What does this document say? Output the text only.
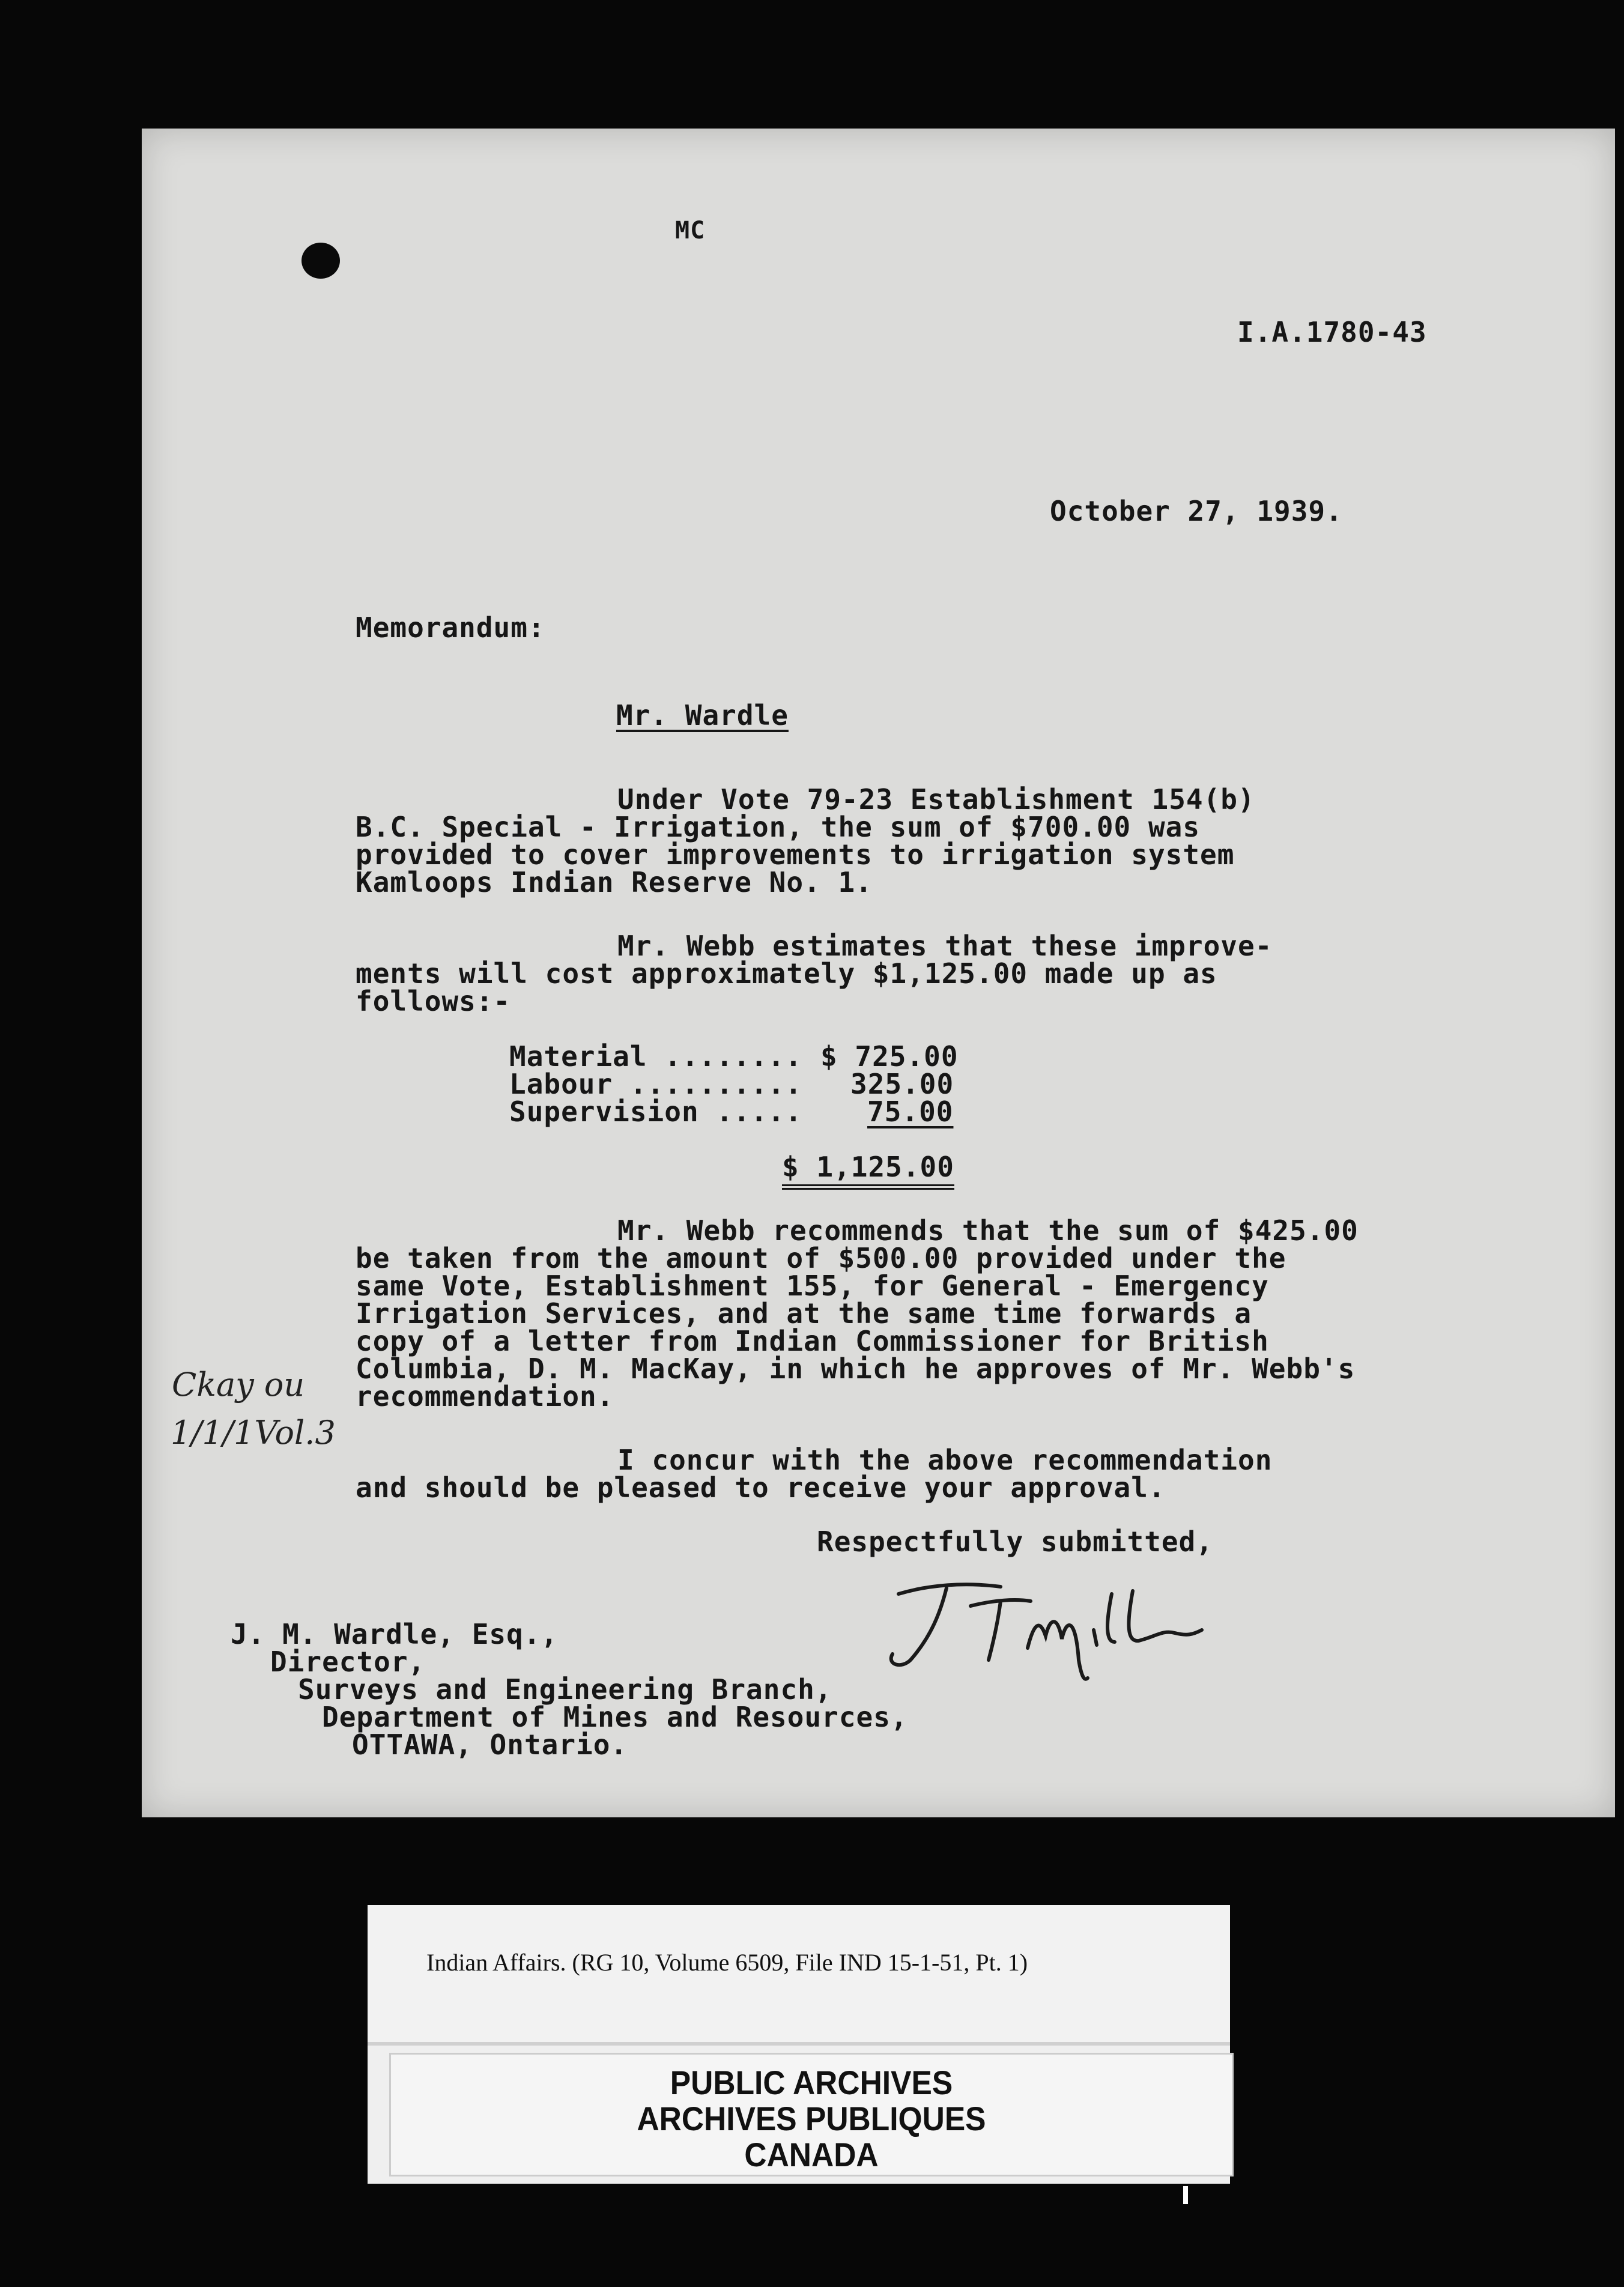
MC
I.A.1780-43
October 27, 1939.
Memorandum:
Mr. Wardle
Under Vote 79-23 Establishment 154(b)
B.C. Special - Irrigation, the sum of $700.00 was
provided to cover improvements to irrigation system
Kamloops Indian Reserve No. 1.
Mr. Webb estimates that these improve-
ments will cost approximately $1,125.00 made up as
follows:-
Material ........ $ 725.00
Labour .......... 325.00
Supervision ..... 75.00
$ 1,125.00
Mr. Webb recommends that the sum of $425.00
be taken from the amount of $500.00 provided under the
same Vote, Establishment 155, for General - Emergency
Irrigation Services, and at the same time forwards a
copy of a letter from Indian Commissioner for British
Columbia, D. M. MacKay, in which he approves of Mr. Webb's
recommendation.
Ckay ou
1/1/1Vol.3
I concur with the above recommendation
and should be pleased to receive your approval.
Respectfully submitted,
J. M. Wardle, Esq.,
Director,
Surveys and Engineering Branch,
Department of Mines and Resources,
OTTAWA, Ontario.
Indian Affairs. (RG 10, Volume 6509, File IND 15-1-51, Pt. 1)
PUBLIC ARCHIVES
ARCHIVES PUBLIQUES
CANADA
